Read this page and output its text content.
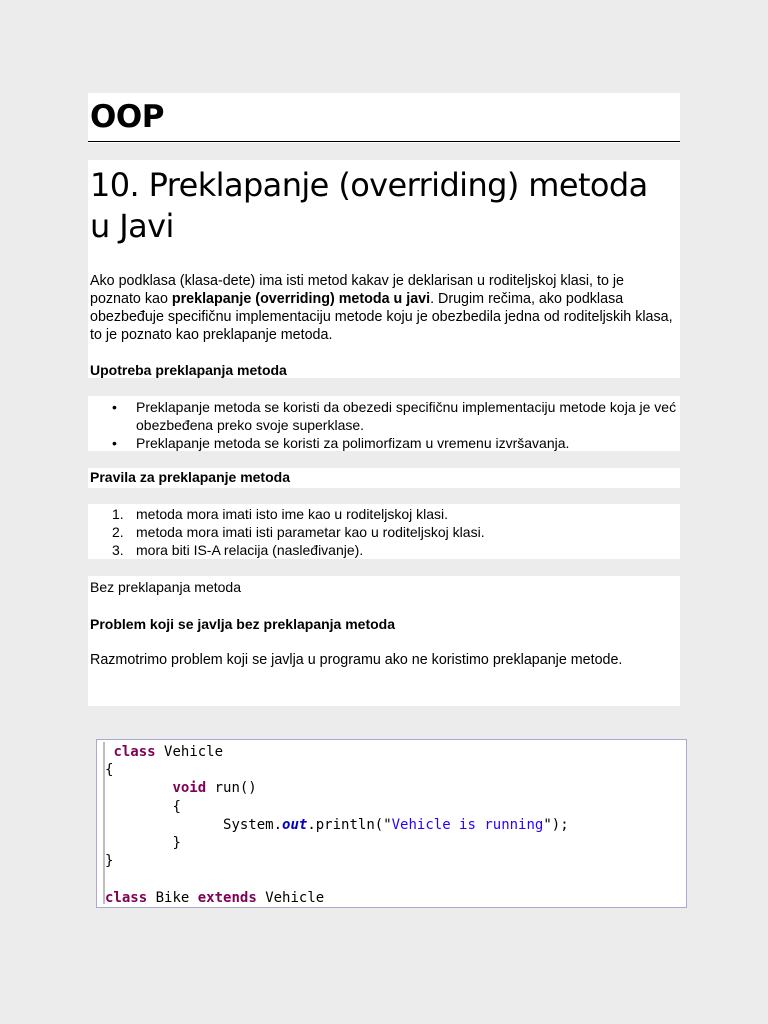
OOP
10. Preklapanje (overriding) metoda u Javi
Ako podklasa (klasa-dete) ima isti metod kakav je deklarisan u roditeljskoj klasi, to je poznato kao preklapanje (overriding) metoda u javi. Drugim rečima, ako podklasa obezbeđuje specifičnu implementaciju metode koju je obezbedila jedna od roditeljskih klasa, to je poznato kao preklapanje metoda.
Upotreba preklapanja metoda
• Preklapanje metoda se koristi da obezedi specifičnu implementaciju metode koja je već obezbeđena preko svoje superklase.
• Preklapanje metoda se koristi za polimorfizam u vremenu izvršavanja.
Pravila za preklapanje metoda
1. metoda mora imati isto ime kao u roditeljskoj klasi.
2. metoda mora imati isti parametar kao u roditeljskoj klasi.
3. mora biti IS-A relacija (nasleđivanje).
Bez preklapanja metoda
Problem koji se javlja bez preklapanja metoda
Razmotrimo problem koji se javlja u programu ako ne koristimo preklapanje metode.
class Vehicle
{
void run()
{
System.out.println("Vehicle is running");
}
}

class Bike extends Vehicle
